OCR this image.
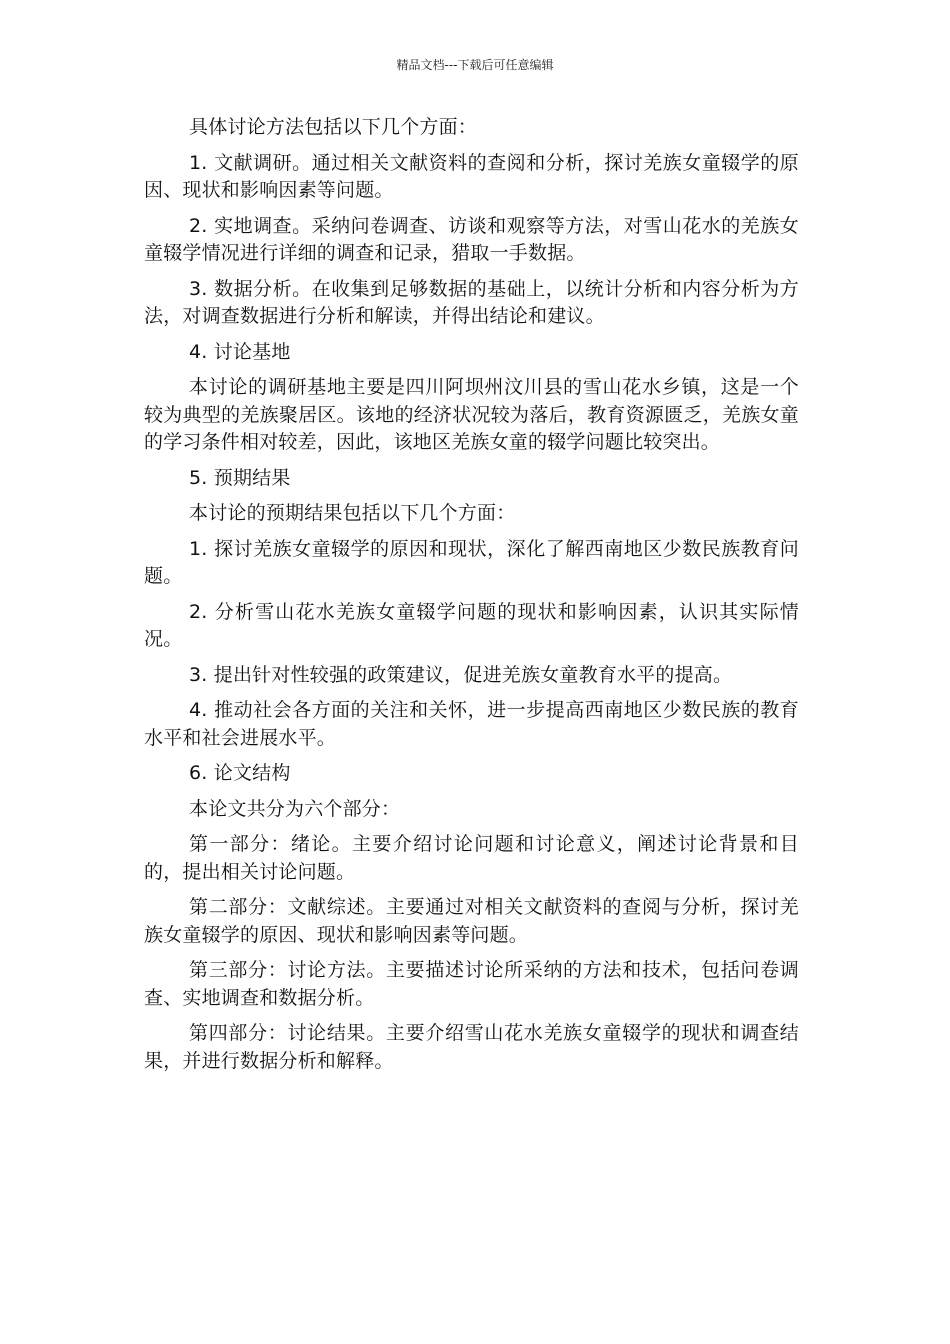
精品文档---下载后可任意编辑

具体讨论方法包括以下几个方面：

1. 文献调研。通过相关文献资料的查阅和分析，探讨羌族女童辍学的原因、现状和影响因素等问题。

2. 实地调查。采纳问卷调查、访谈和观察等方法，对雪山花水的羌族女童辍学情况进行详细的调查和记录，猎取一手数据。

3. 数据分析。在收集到足够数据的基础上，以统计分析和内容分析为方法，对调查数据进行分析和解读，并得出结论和建议。

4. 讨论基地

本讨论的调研基地主要是四川阿坝州汶川县的雪山花水乡镇，这是一个较为典型的羌族聚居区。该地的经济状况较为落后，教育资源匮乏，羌族女童的学习条件相对较差，因此，该地区羌族女童的辍学问题比较突出。

5. 预期结果

本讨论的预期结果包括以下几个方面：

1. 探讨羌族女童辍学的原因和现状，深化了解西南地区少数民族教育问题。

2. 分析雪山花水羌族女童辍学问题的现状和影响因素，认识其实际情况。

3. 提出针对性较强的政策建议，促进羌族女童教育水平的提高。

4. 推动社会各方面的关注和关怀，进一步提高西南地区少数民族的教育水平和社会进展水平。

6. 论文结构

本论文共分为六个部分：

第一部分：绪论。主要介绍讨论问题和讨论意义，阐述讨论背景和目的，提出相关讨论问题。

第二部分：文献综述。主要通过对相关文献资料的查阅与分析，探讨羌族女童辍学的原因、现状和影响因素等问题。

第三部分：讨论方法。主要描述讨论所采纳的方法和技术，包括问卷调查、实地调查和数据分析。

第四部分：讨论结果。主要介绍雪山花水羌族女童辍学的现状和调查结果，并进行数据分析和解释。
